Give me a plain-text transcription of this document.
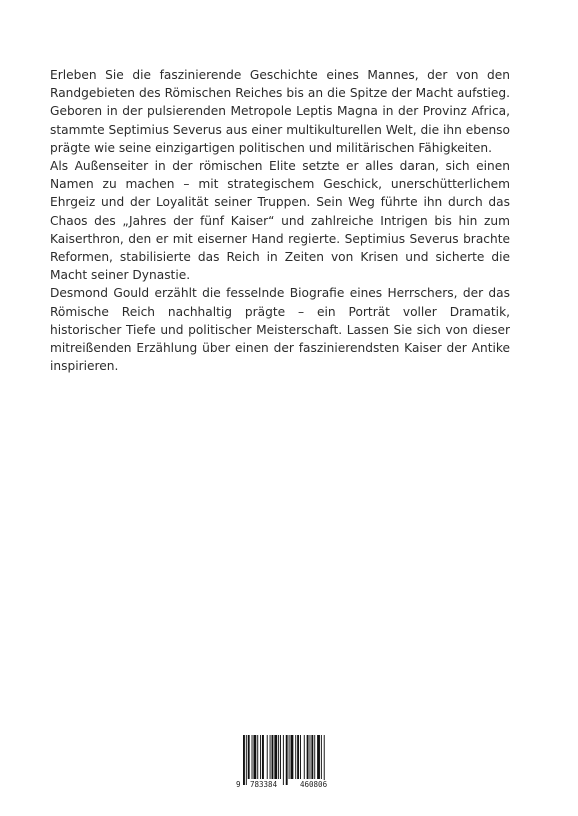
Erleben Sie die faszinierende Geschichte eines Mannes, der von den Randgebieten des Römischen Reiches bis an die Spitze der Macht aufstieg. Geboren in der pulsierenden Metropole Leptis Magna in der Provinz Africa, stammte Septimius Severus aus einer multikulturellen Welt, die ihn ebenso prägte wie seine einzigartigen politischen und militärischen Fähigkeiten.

Als Außenseiter in der römischen Elite setzte er alles daran, sich einen Namen zu machen – mit strategischem Geschick, unerschütterlichem Ehrgeiz und der Loyalität seiner Truppen. Sein Weg führte ihn durch das Chaos des „Jahres der fünf Kaiser“ und zahlreiche Intrigen bis hin zum Kaiserthron, den er mit eiserner Hand regierte. Septimius Severus brachte Reformen, stabilisierte das Reich in Zeiten von Krisen und sicherte die Macht seiner Dynastie.

Desmond Gould erzählt die fesselnde Biografie eines Herrschers, der das Römische Reich nachhaltig prägte – ein Porträt voller Dramatik, historischer Tiefe und politischer Meisterschaft. Lassen Sie sich von dieser mitreißenden Erzählung über einen der faszinierendsten Kaiser der Antike inspirieren.

9 783384	460806
